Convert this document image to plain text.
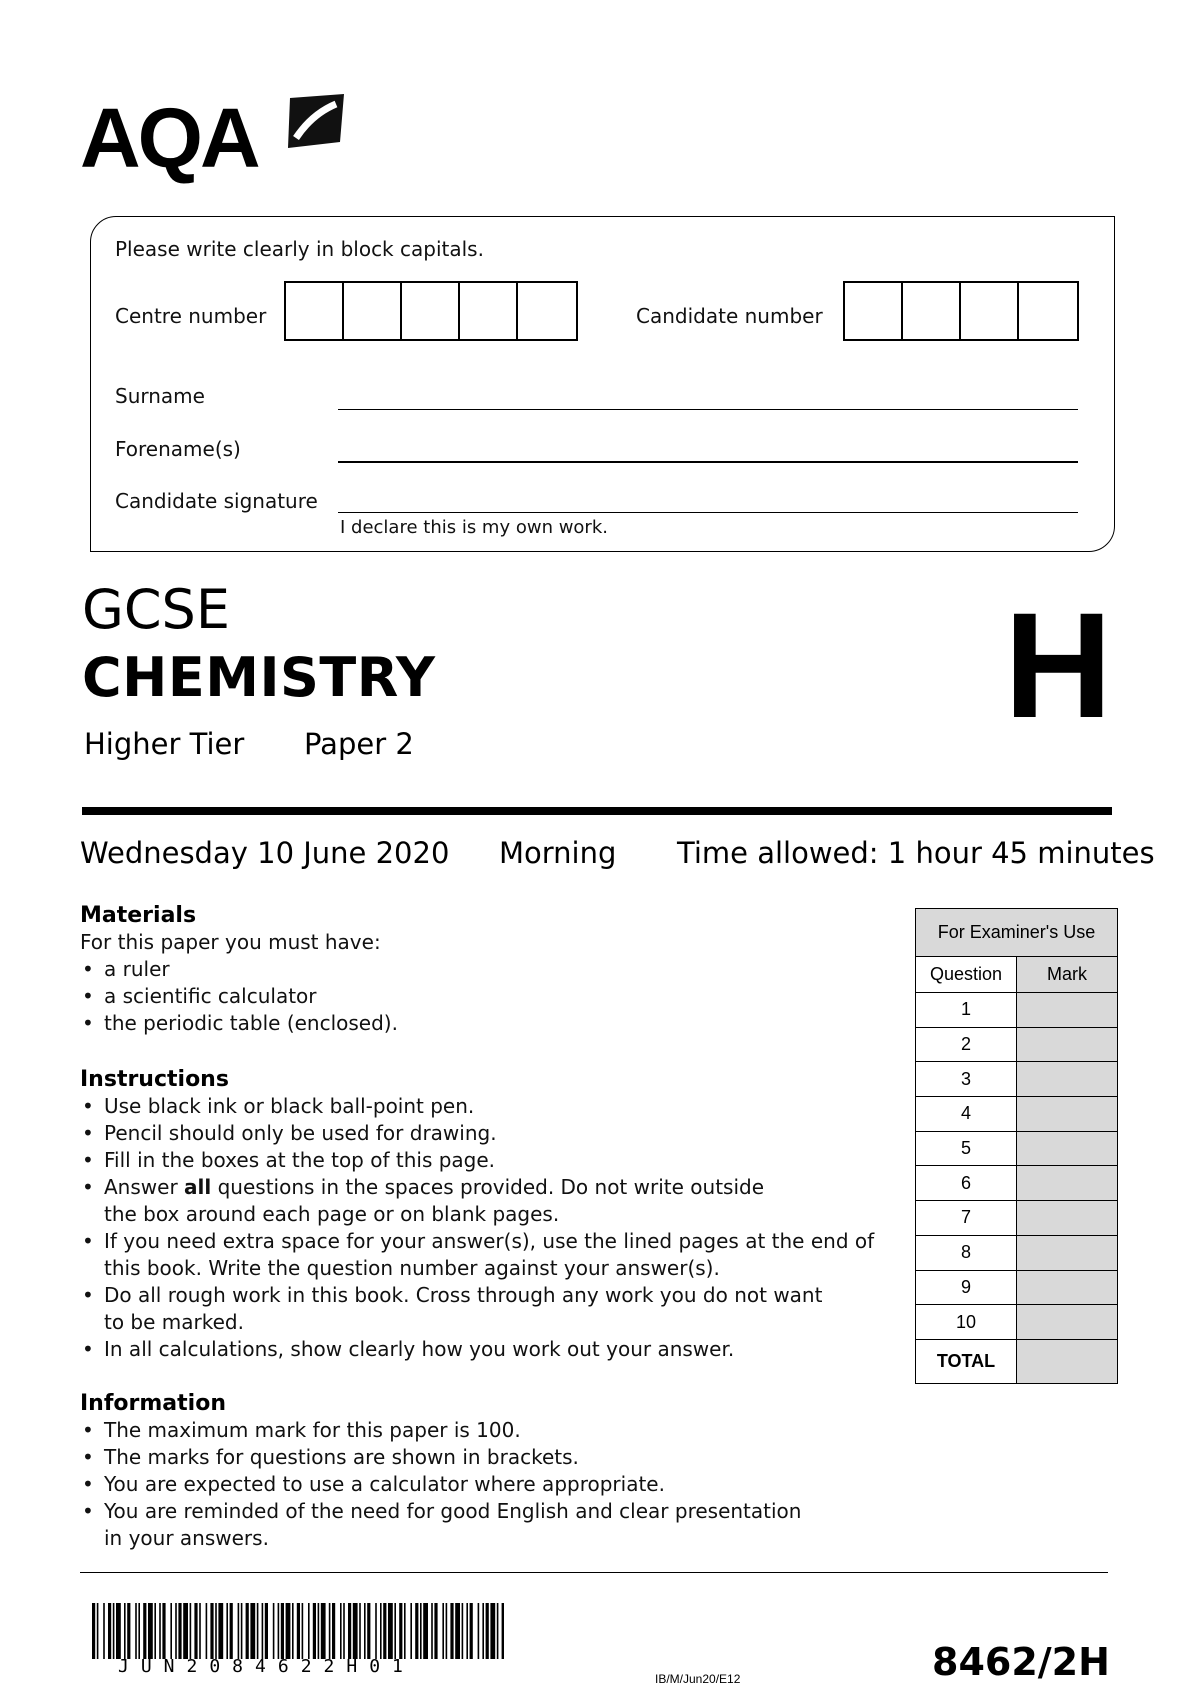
AQA
Please write clearly in block capitals.
Centre number	Candidate number
Surname
Forename(s)
Candidate signature
I declare this is my own work.
GCSE
CHEMISTRY
Higher Tier Paper 2	H
Wednesday 10 June 2020 Morning Time allowed: 1 hour 45 minutes
Materials

For this paper you must have:

• a ruler
• a scientific calculator
• the periodic table (enclosed).
Instructions
• Use black ink or black ball-point pen.
• Pencil should only be used for drawing.
• Fill in the boxes at the top of this page.
• Answer all questions in the spaces provided. Do not write outside
the box around each page or on blank pages.
• If you need extra space for your answer(s), use the lined pages at the end of
this book. Write the question number against your answer(s).
• Do all rough work in this book. Cross through any work you do not want
to be marked.
• In all calculations, show clearly how you work out your answer.
Information
• The maximum mark for this paper is 100.
• The marks for questions are shown in brackets.
• You are expected to use a calculator where appropriate.
• You are reminded of the need for good English and clear presentation
in your answers.
For Examiner's Use	
Question	Mark
1	
2	
3	
4	
5	
6	
7	
8	
9	
10	
TOTAL	
JUN2084622H01
IB/M/Jun20/E12	8462/2H
